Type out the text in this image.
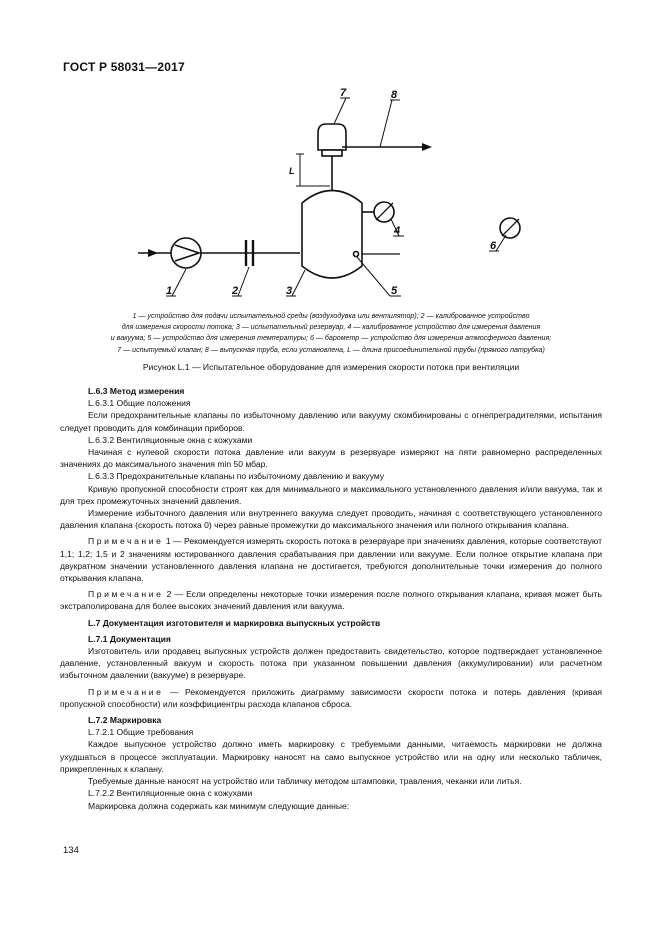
ГОСТ Р 58031—2017
1	2	3
4
5
6
7	8
L
1 — устройство для подачи испытательной среды (воздуходувка или вентилятор); 2 — калиброванное устройство
для измерения скорости потока; 3 — испытательный резервуар, 4 — калиброванное устройство для измерения давления
и вакуума; 5 — устройство для измерения температуры; 6 — барометр — устройство для измерения атмосферного давления;
7 — испытуемый клапан; 8 — выпускная труба, если установлена, L — длина присоединительной трубы (прямого патрубка)
Рисунок L.1 — Испытательное оборудование для измерения скорости потока при вентиляции

L.6.3 Метод измерения

L.6.3.1 Общие положения

Если предохранительные клапаны по избыточному давлению или вакууму скомбинированы с огнепреградителями, испытания следует проводить для комбинации приборов.

L.6.3.2 Вентиляционные окна с кожухами

Начиная с нулевой скорости потока давление или вакуум в резервуаре измеряют на пяти равномерно распределенных значениях до максимального значения min 50 мбар.

L.6.3.3 Предохранительные клапаны по избыточному давлению и вакууму

Кривую пропускной способности строят как для минимального и максимального установленного давления и/или вакуума, так и для трех промежуточных значений давления.

Измерение избыточного давления или внутреннего вакуума следует проводить, начиная с соответствующего установленного давления клапана (скорость потока 0) через равные промежутки до максимального значения или полного открывания клапана.

Примечание 1 — Рекомендуется измерять скорость потока в резервуаре при значениях давления, которые соответствуют 1,1; 1,2; 1,5 и 2 значениям юстированного давления срабатывания при давлении или вакууме. Если полное открытие клапана при двукратном значении установленного давления клапана не достигается, требуются дополнительные точки измерения до полного открывания клапана.

Примечание 2 — Если определены некоторые точки измерения после полного открывания клапана, кривая может быть экстраполирована для более высоких значений давления или вакуума.

L.7 Документация изготовителя и маркировка выпускных устройств

L.7.1 Документация

Изготовитель или продавец выпускных устройств должен предоставить свидетельство, которое подтверждает установленное давление, установленный вакуум и скорость потока при указанном повышении давления (аккумулировании) или расчетном избыточном давлении (вакууме) в резервуаре.

Примечание — Рекомендуется приложить диаграмму зависимости скорости потока и потерь давления (кривая пропускной способности) или коэффициентры расхода клапанов сброса.

L.7.2 Маркировка

L.7.2.1 Общие требования

Каждое выпускное устройство должно иметь маркировку с требуемыми данными, читаемость маркировки не должна ухудшаться в процессе эксплуатации. Маркировку наносят на само выпускное устройство или на одну или несколько табличек, прикрепленных к клапану.

Требуемые данные наносят на устройство или табличку методом штамповки, травления, чеканки или литья.

L.7.2.2 Вентиляционные окна с кожухами

Маркировка должна содержать как минимум следующие данные:

134
